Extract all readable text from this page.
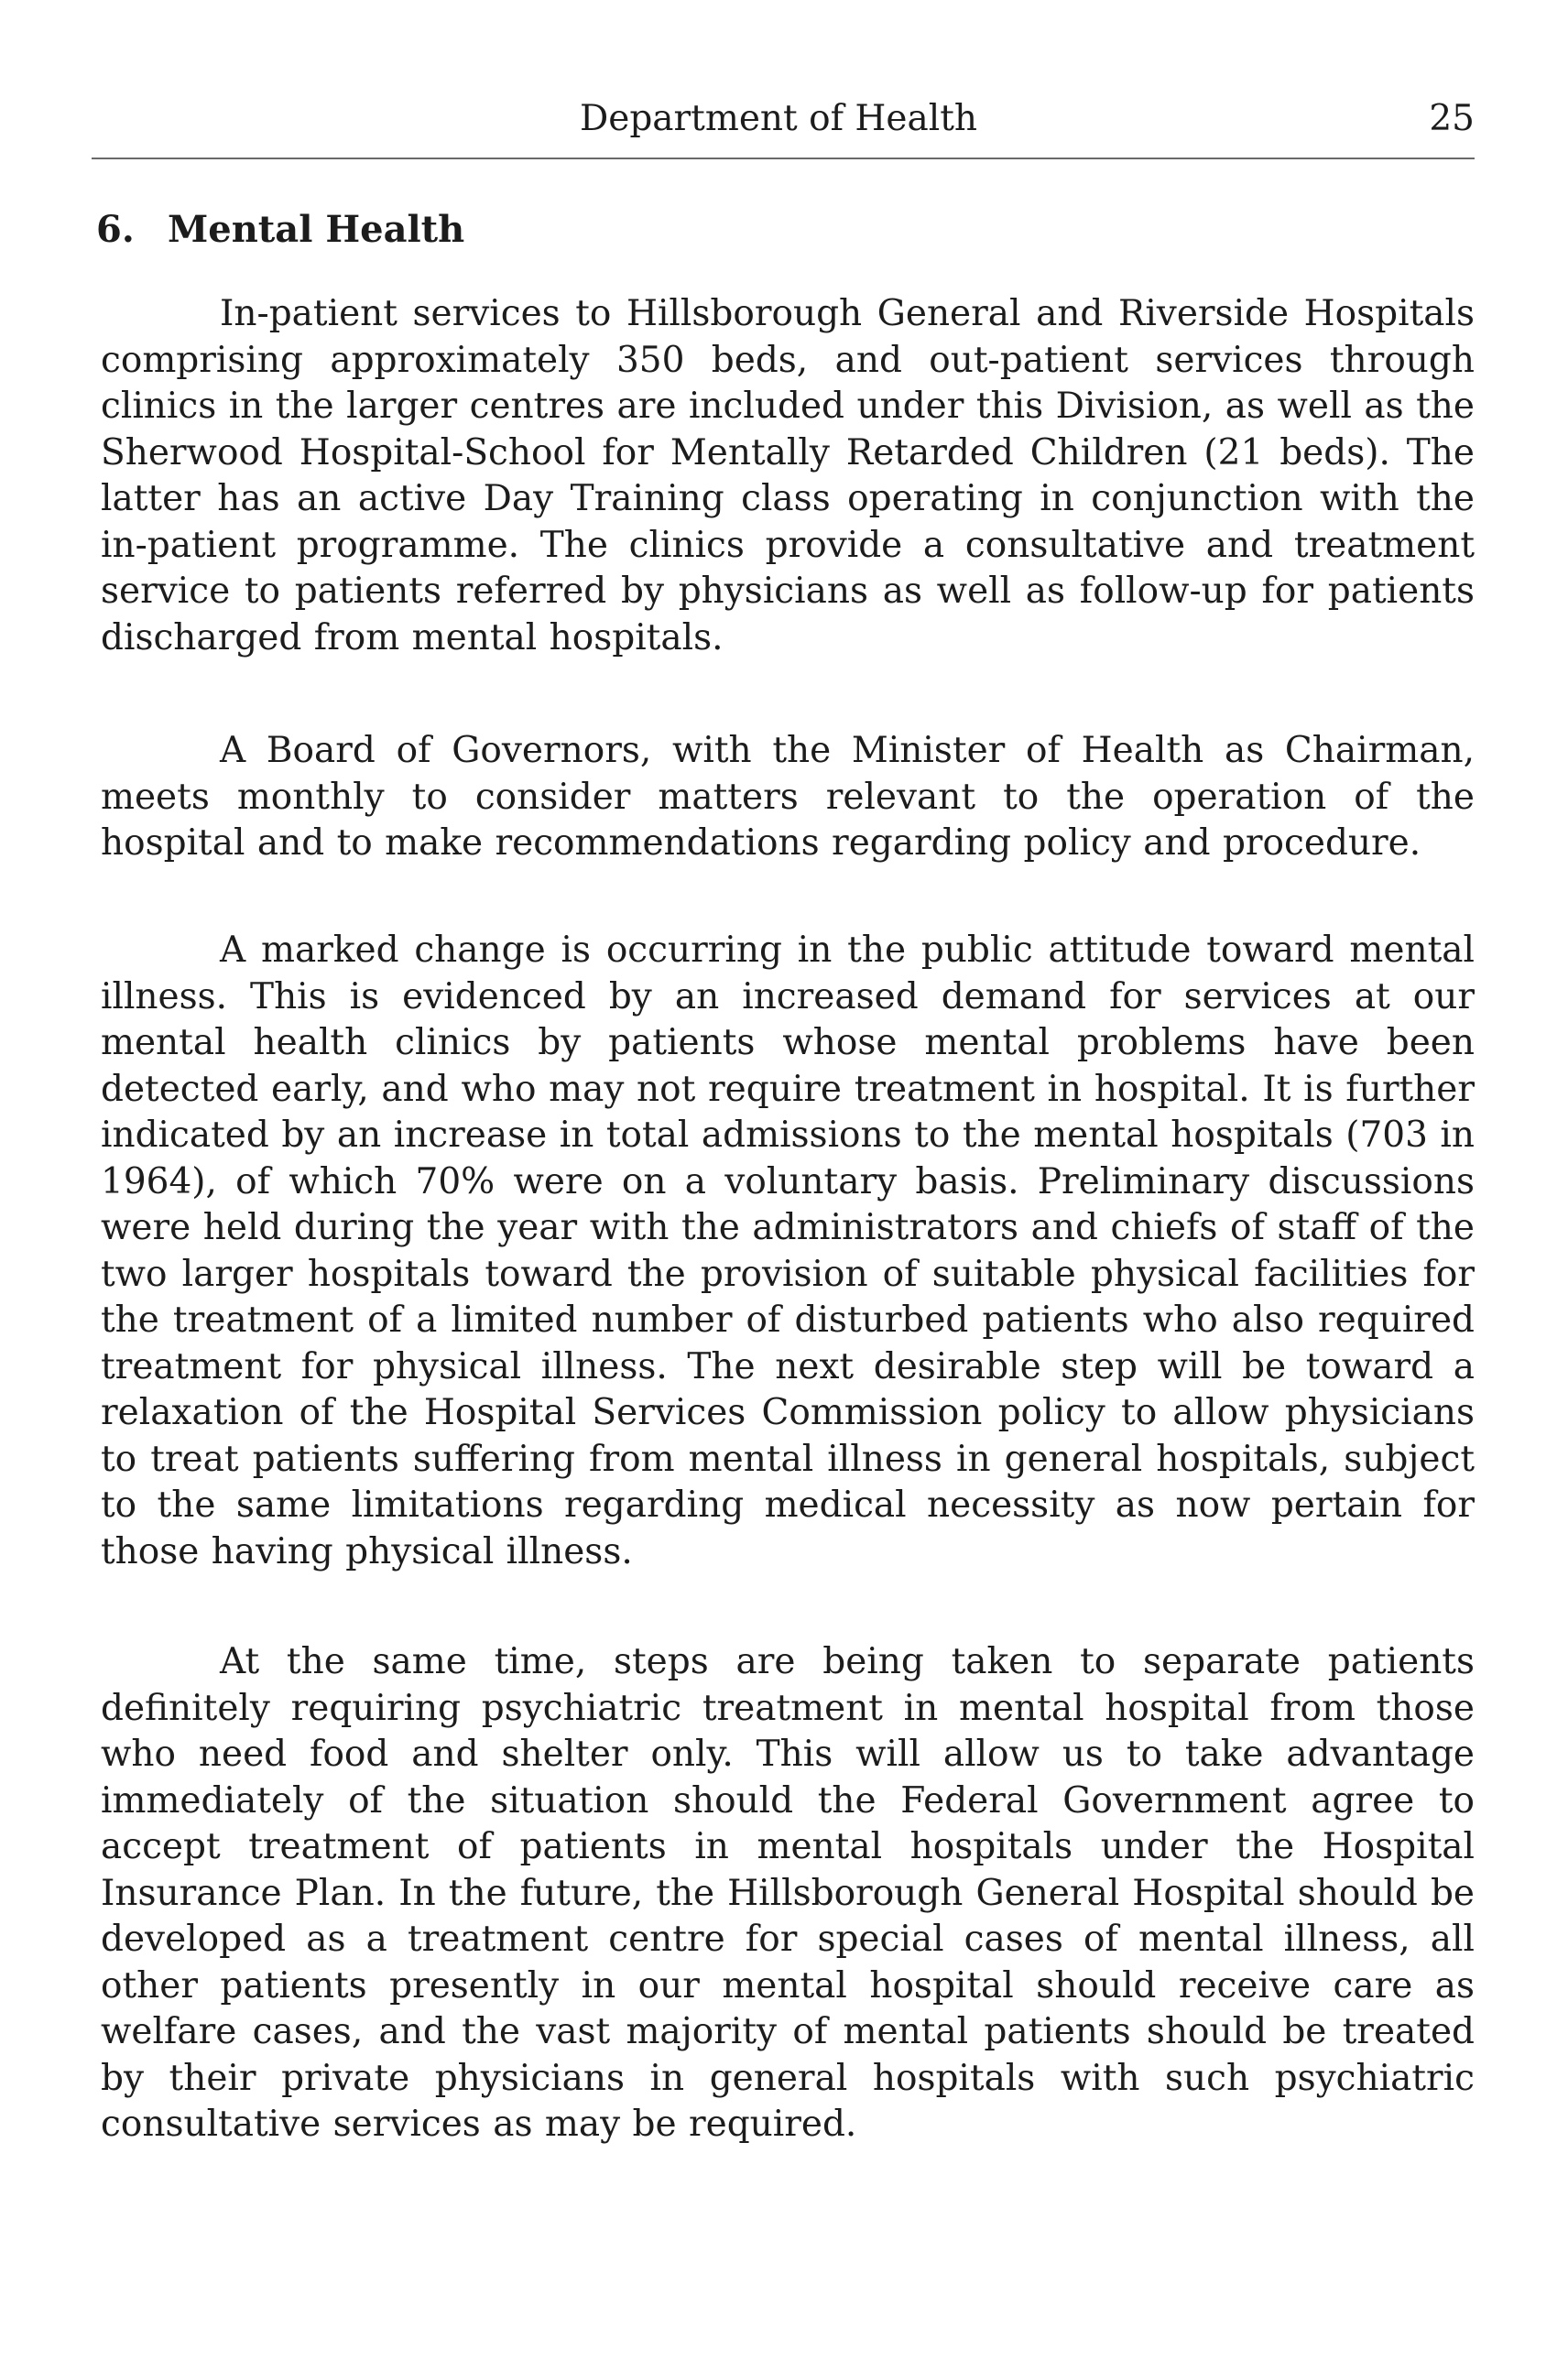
Department of Health	25
6. Mental Health

In-patient services to Hillsborough General and Riverside Hospitals comprising approximately 350 beds, and out-patient services through clinics in the larger centres are included under this Division, as well as the Sherwood Hospital-School for Mentally Retarded Children (21 beds). The latter has an active Day Training class operating in conjunction with the in-patient programme. The clinics provide a consultative and treatment service to patients referred by physicians as well as follow-up for patients discharged from mental hospitals.

A Board of Governors, with the Minister of Health as Chairman, meets monthly to consider matters relevant to the operation of the hospital and to make recommendations regarding policy and procedure.

A marked change is occurring in the public attitude toward mental illness. This is evidenced by an increased demand for services at our mental health clinics by patients whose mental problems have been detected early, and who may not require treatment in hospital. It is further indicated by an increase in total admissions to the mental hospitals (703 in 1964), of which 70% were on a voluntary basis. Preliminary discussions were held during the year with the administrators and chiefs of staff of the two larger hospitals toward the provision of suitable physical facilities for the treatment of a limited number of disturbed patients who also required treatment for physical illness. The next desirable step will be toward a relaxation of the Hospital Services Commission policy to allow physicians to treat patients suffering from mental illness in general hospitals, subject to the same limitations regarding medical necessity as now pertain for those having physical illness.

At the same time, steps are being taken to separate patients definitely requiring psychiatric treatment in mental hospital from those who need food and shelter only. This will allow us to take advantage immediately of the situation should the Federal Government agree to accept treatment of patients in mental hospitals under the Hospital Insurance Plan. In the future, the Hillsborough General Hospital should be developed as a treatment centre for special cases of mental illness, all other patients presently in our mental hospital should receive care as welfare cases, and the vast majority of mental patients should be treated by their private physicians in general hospitals with such psychiatric consultative services as may be required.
